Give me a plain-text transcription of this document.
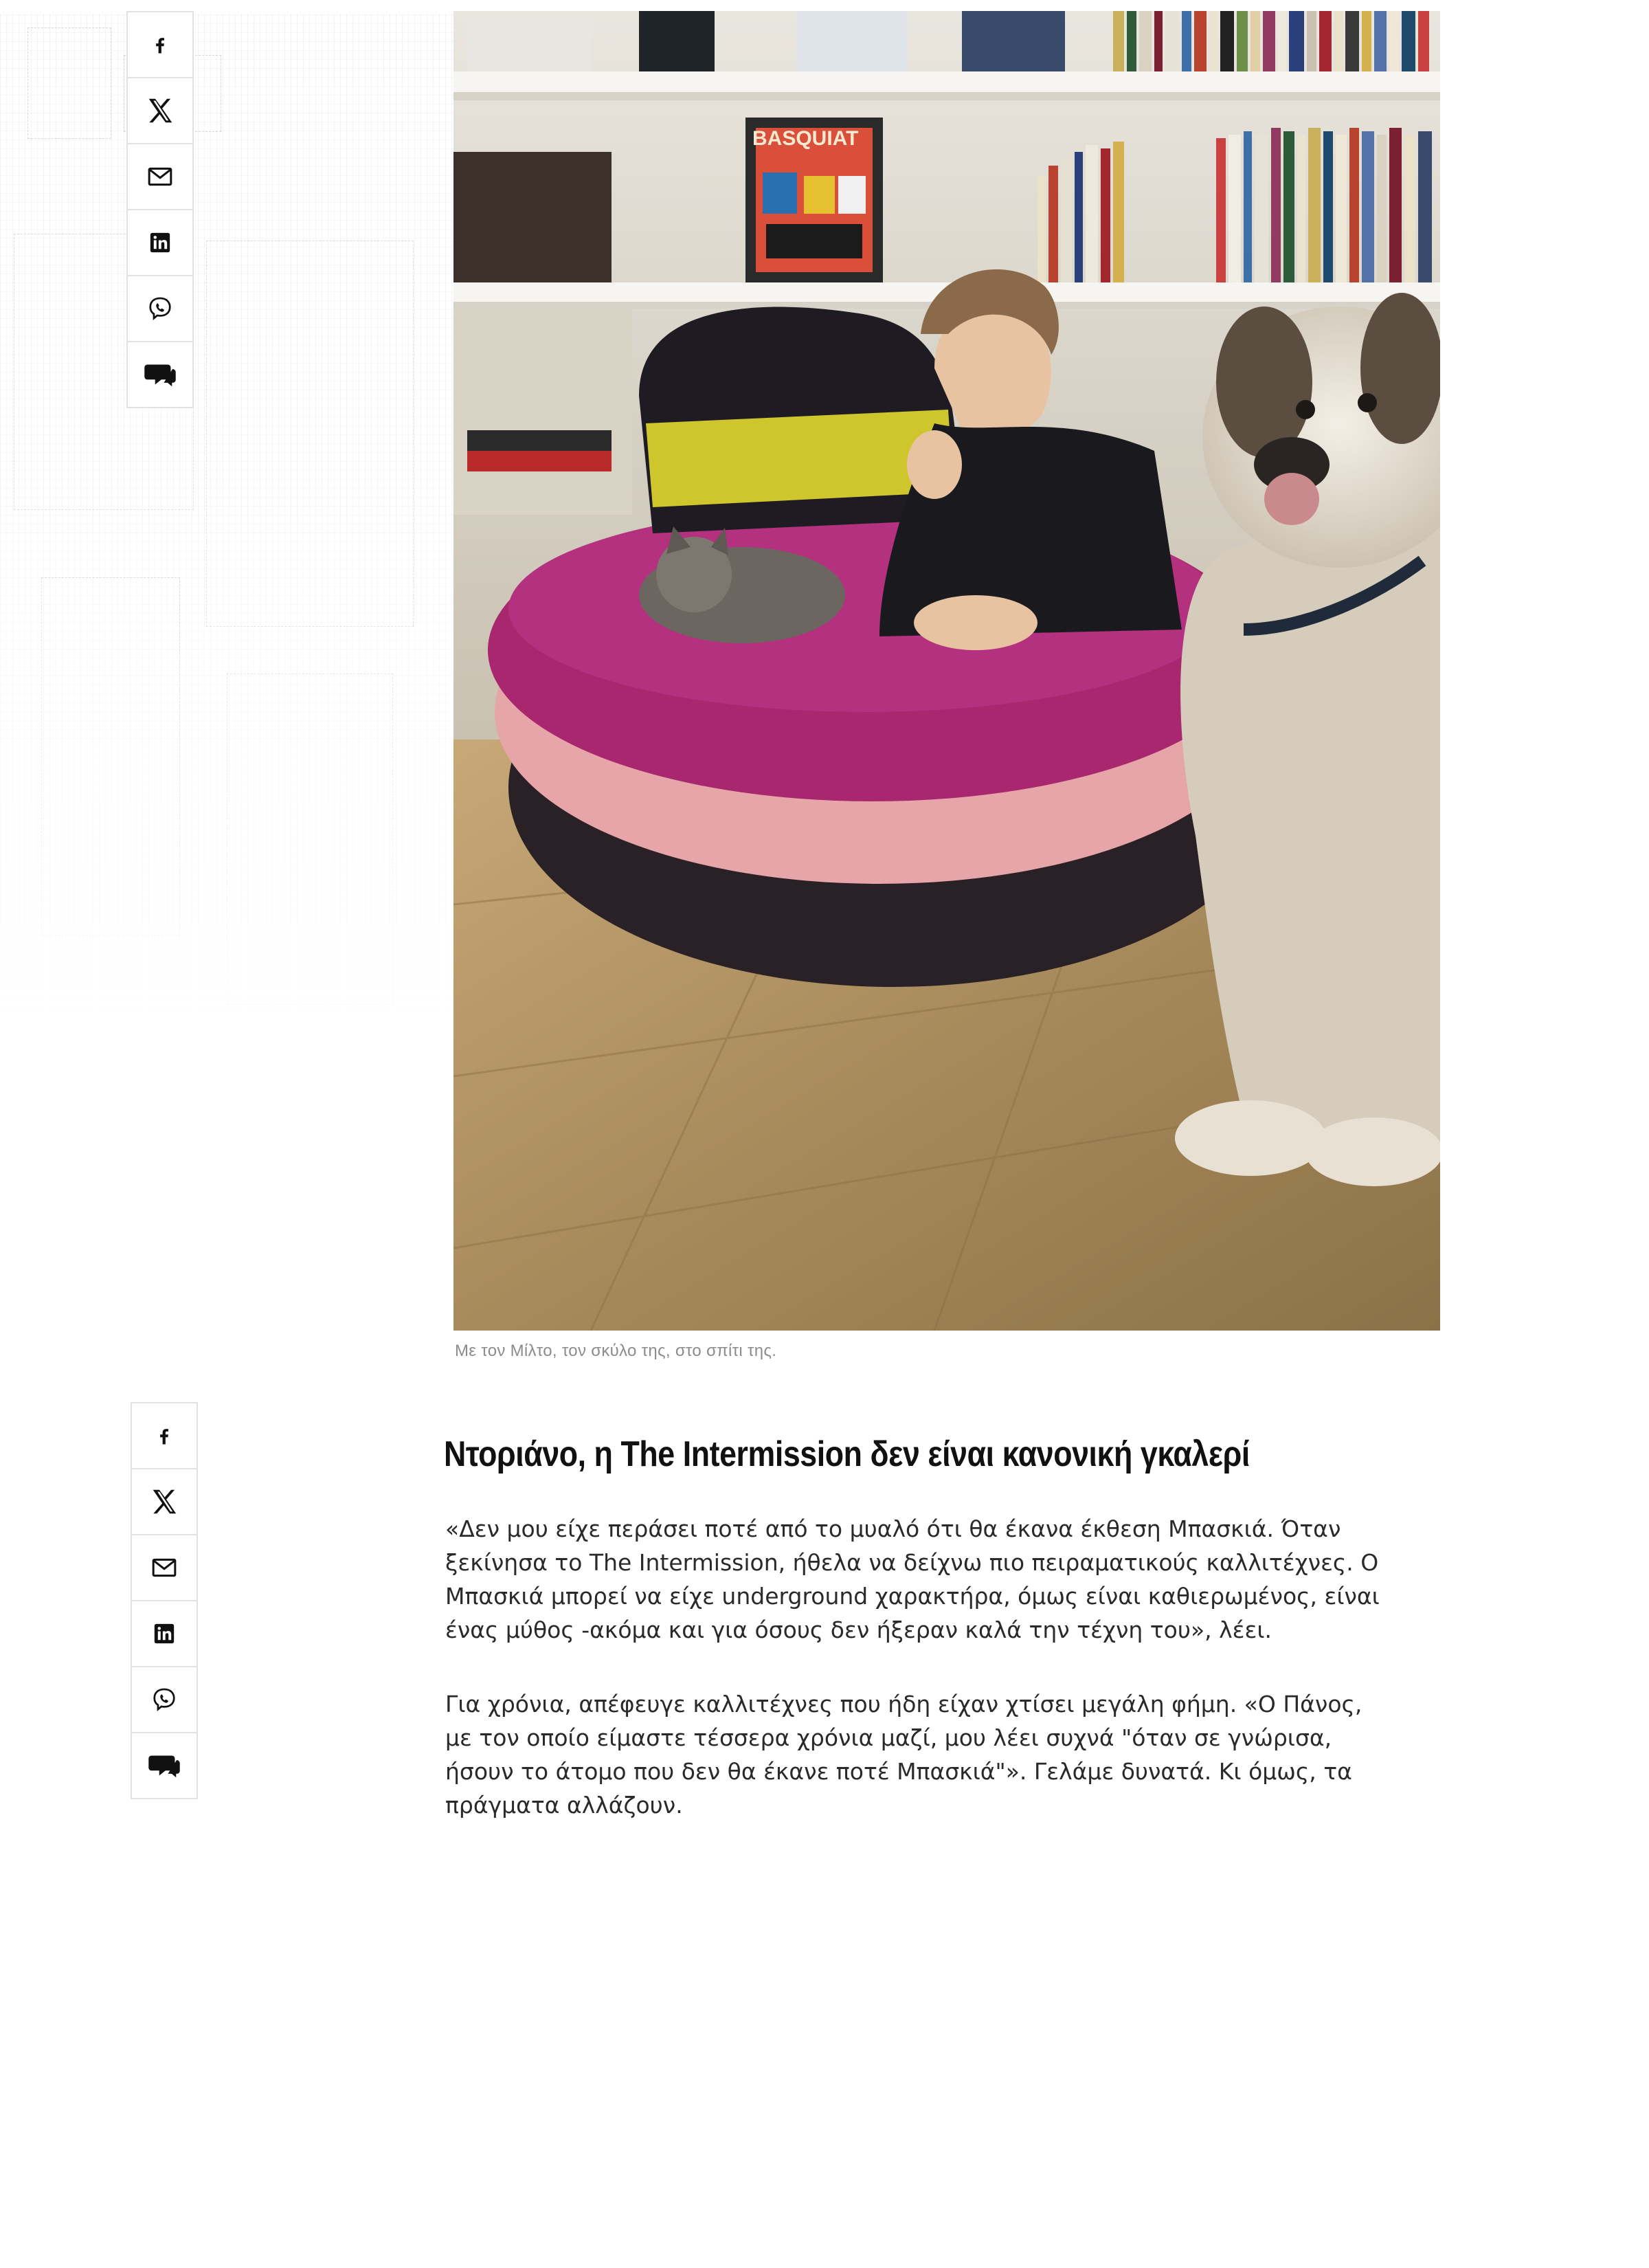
BASQUIAT
Με τον Μίλτο, τον σκύλο της, στο σπίτι της.
Ντοριάνο, η The Intermission δεν είναι κανονική γκαλερί

«Δεν μου είχε περάσει ποτέ από το μυαλό ότι θα έκανα έκθεση Μπασκιά. Όταν ξεκίνησα το The Intermission, ήθελα να δείχνω πιο πειραματικούς καλλιτέχνες. Ο Μπασκιά μπορεί να είχε underground χαρακτήρα, όμως είναι καθιερωμένος, είναι ένας μύθος -ακόμα και για όσους δεν ήξεραν καλά την τέχνη του», λέει.

Για χρόνια, απέφευγε καλλιτέχνες που ήδη είχαν χτίσει μεγάλη φήμη. «Ο Πάνος, με τον οποίο είμαστε τέσσερα χρόνια μαζί, μου λέει συχνά "όταν σε γνώρισα, ήσουν το άτομο που δεν θα έκανε ποτέ Μπασκιά"». Γελάμε δυνατά. Κι όμως, τα πράγματα αλλάζουν.
